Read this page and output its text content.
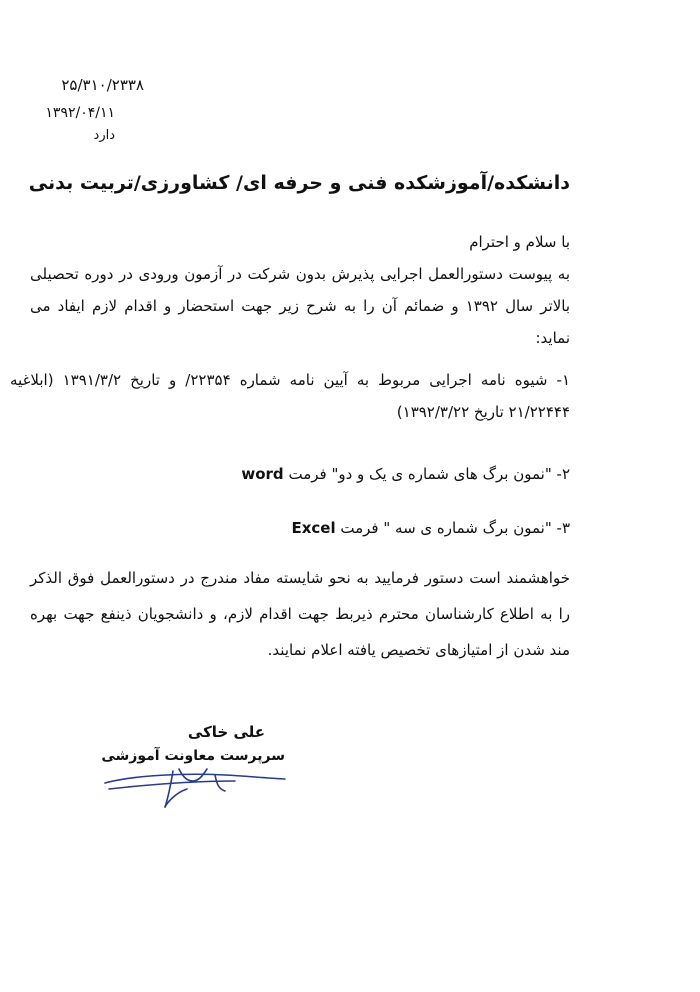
۲۵/۳۱۰/۲۳۳۸
۱۳۹۲/۰۴/۱۱
دارد
دانشکده/آموزشکده فنی و حرفه ای/ کشاورزی/تربیت بدنی
با سلام و احترام
به پیوست دستورالعمل اجرایی پذیرش بدون شرکت در آزمون ورودی در دوره تحصیلی بالاتر سال ۱۳۹۲ و ضمائم آن را به شرح زیر جهت استحضار و اقدام لازم ایفاد می نماید:
۱- شیوه نامه اجرایی مربوط به آیین نامه شماره ۲۲۳۵۴/ و تاریخ ۱۳۹۱/۳/۲ (ابلاغیه ۲۱/۲۲۴۴۴ تاریخ ۱۳۹۲/۳/۲۲)
۲- "نمون برگ های شماره ی یک و دو" فرمت word
۳- "نمون برگ شماره ی سه " فرمت Excel
خواهشمند است دستور فرمایید به نحو شایسته مفاد مندرج در دستورالعمل فوق الذکر را به اطلاع کارشناسان محترم ذیربط جهت اقدام لازم، و دانشجویان ذینفع جهت بهره مند شدن از امتیازهای تخصیص یافته اعلام نمایند.
علی خاکی
سرپرست معاونت آموزشی
